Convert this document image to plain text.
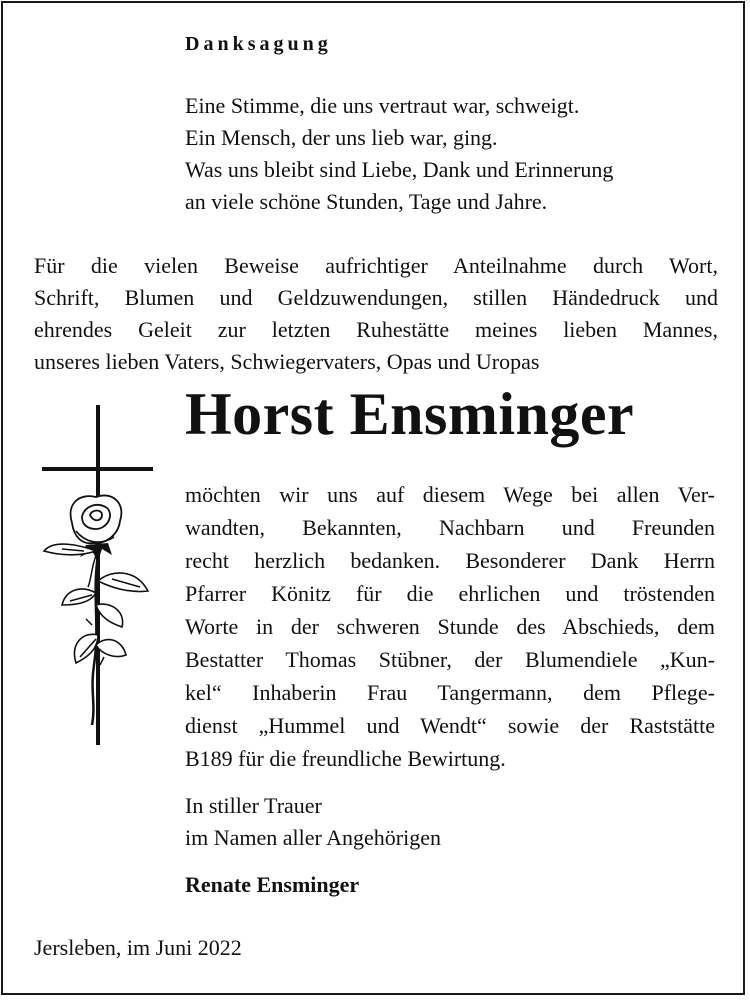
Danksagung
Eine Stimme, die uns vertraut war, schweigt.
Ein Mensch, der uns lieb war, ging.
Was uns bleibt sind Liebe, Dank und Erinnerung
an viele schöne Stunden, Tage und Jahre.
Für die vielen Beweise aufrichtiger Anteilnahme durch Wort,
Schrift, Blumen und Geldzuwendungen, stillen Händedruck und
ehrendes Geleit zur letzten Ruhestätte meines lieben Mannes,
unseres lieben Vaters, Schwiegervaters, Opas und Uropas
Horst Ensminger
möchten wir uns auf diesem Wege bei allen Ver-
wandten, Bekannten, Nachbarn und Freunden
recht herzlich bedanken. Besonderer Dank Herrn
Pfarrer Könitz für die ehrlichen und tröstenden
Worte in der schweren Stunde des Abschieds, dem
Bestatter Thomas Stübner, der Blumendiele „Kun-
kel“ Inhaberin Frau Tangermann, dem Pflege-
dienst „Hummel und Wendt“ sowie der Raststätte
B189 für die freundliche Bewirtung.
In stiller Trauer
im Namen aller Angehörigen
Renate Ensminger
Jersleben, im Juni 2022
